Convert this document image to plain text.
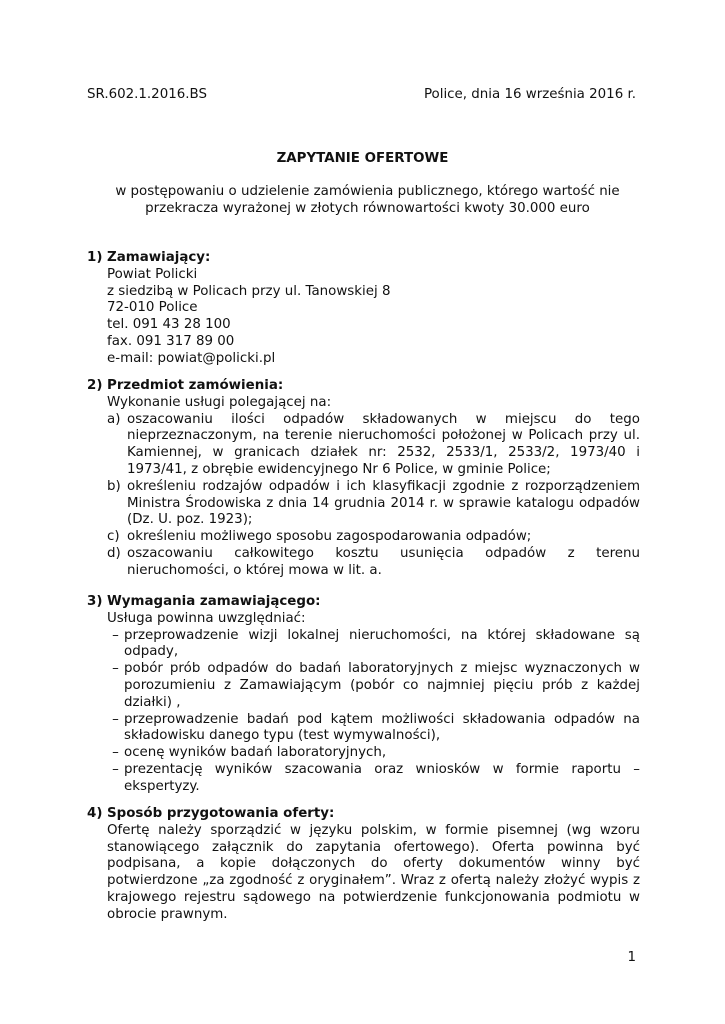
SR.602.1.2016.BS	Police, dnia 16 września 2016 r.
ZAPYTANIE OFERTOWE
w postępowaniu o udzielenie zamówienia publicznego, którego wartość nie przekracza wyrażonej w złotych równowartości kwoty 30.000 euro
1) Zamawiający:
Powiat Policki
z siedzibą w Policach przy ul. Tanowskiej 8
72-010 Police
tel. 091 43 28 100
fax. 091 317 89 00
e-mail: powiat@policki.pl
2) Przedmiot zamówienia:
Wykonanie usługi polegającej na:
a) oszacowaniu ilości odpadów składowanych w miejscu do tego nieprzeznaczonym, na terenie nieruchomości położonej w Policach przy ul. Kamiennej, w granicach działek nr: 2532, 2533/1, 2533/2, 1973/40 i 1973/41, z obrębie ewidencyjnego Nr 6 Police, w gminie Police;
b) określeniu rodzajów odpadów i ich klasyfikacji zgodnie z rozporządzeniem Ministra Środowiska z dnia 14 grudnia 2014 r. w sprawie katalogu odpadów (Dz. U. poz. 1923);
c) określeniu możliwego sposobu zagospodarowania odpadów;
d) oszacowaniu całkowitego kosztu usunięcia odpadów z terenu nieruchomości, o której mowa w lit. a.
3) Wymagania zamawiającego:
Usługa powinna uwzględniać:
– przeprowadzenie wizji lokalnej nieruchomości, na której składowane są odpady,
– pobór prób odpadów do badań laboratoryjnych z miejsc wyznaczonych w porozumieniu z Zamawiającym (pobór co najmniej pięciu prób z każdej działki) ,
– przeprowadzenie badań pod kątem możliwości składowania odpadów na składowisku danego typu (test wymywalności),
– ocenę wyników badań laboratoryjnych,
– prezentację wyników szacowania oraz wniosków w formie raportu – ekspertyzy.
4) Sposób przygotowania oferty:
Ofertę należy sporządzić w języku polskim, w formie pisemnej (wg wzoru stanowiącego załącznik do zapytania ofertowego). Oferta powinna być podpisana, a kopie dołączonych do oferty dokumentów winny być potwierdzone „za zgodność z oryginałem”. Wraz z ofertą należy złożyć wypis z krajowego rejestru sądowego na potwierdzenie funkcjonowania podmiotu w obrocie prawnym.
1
